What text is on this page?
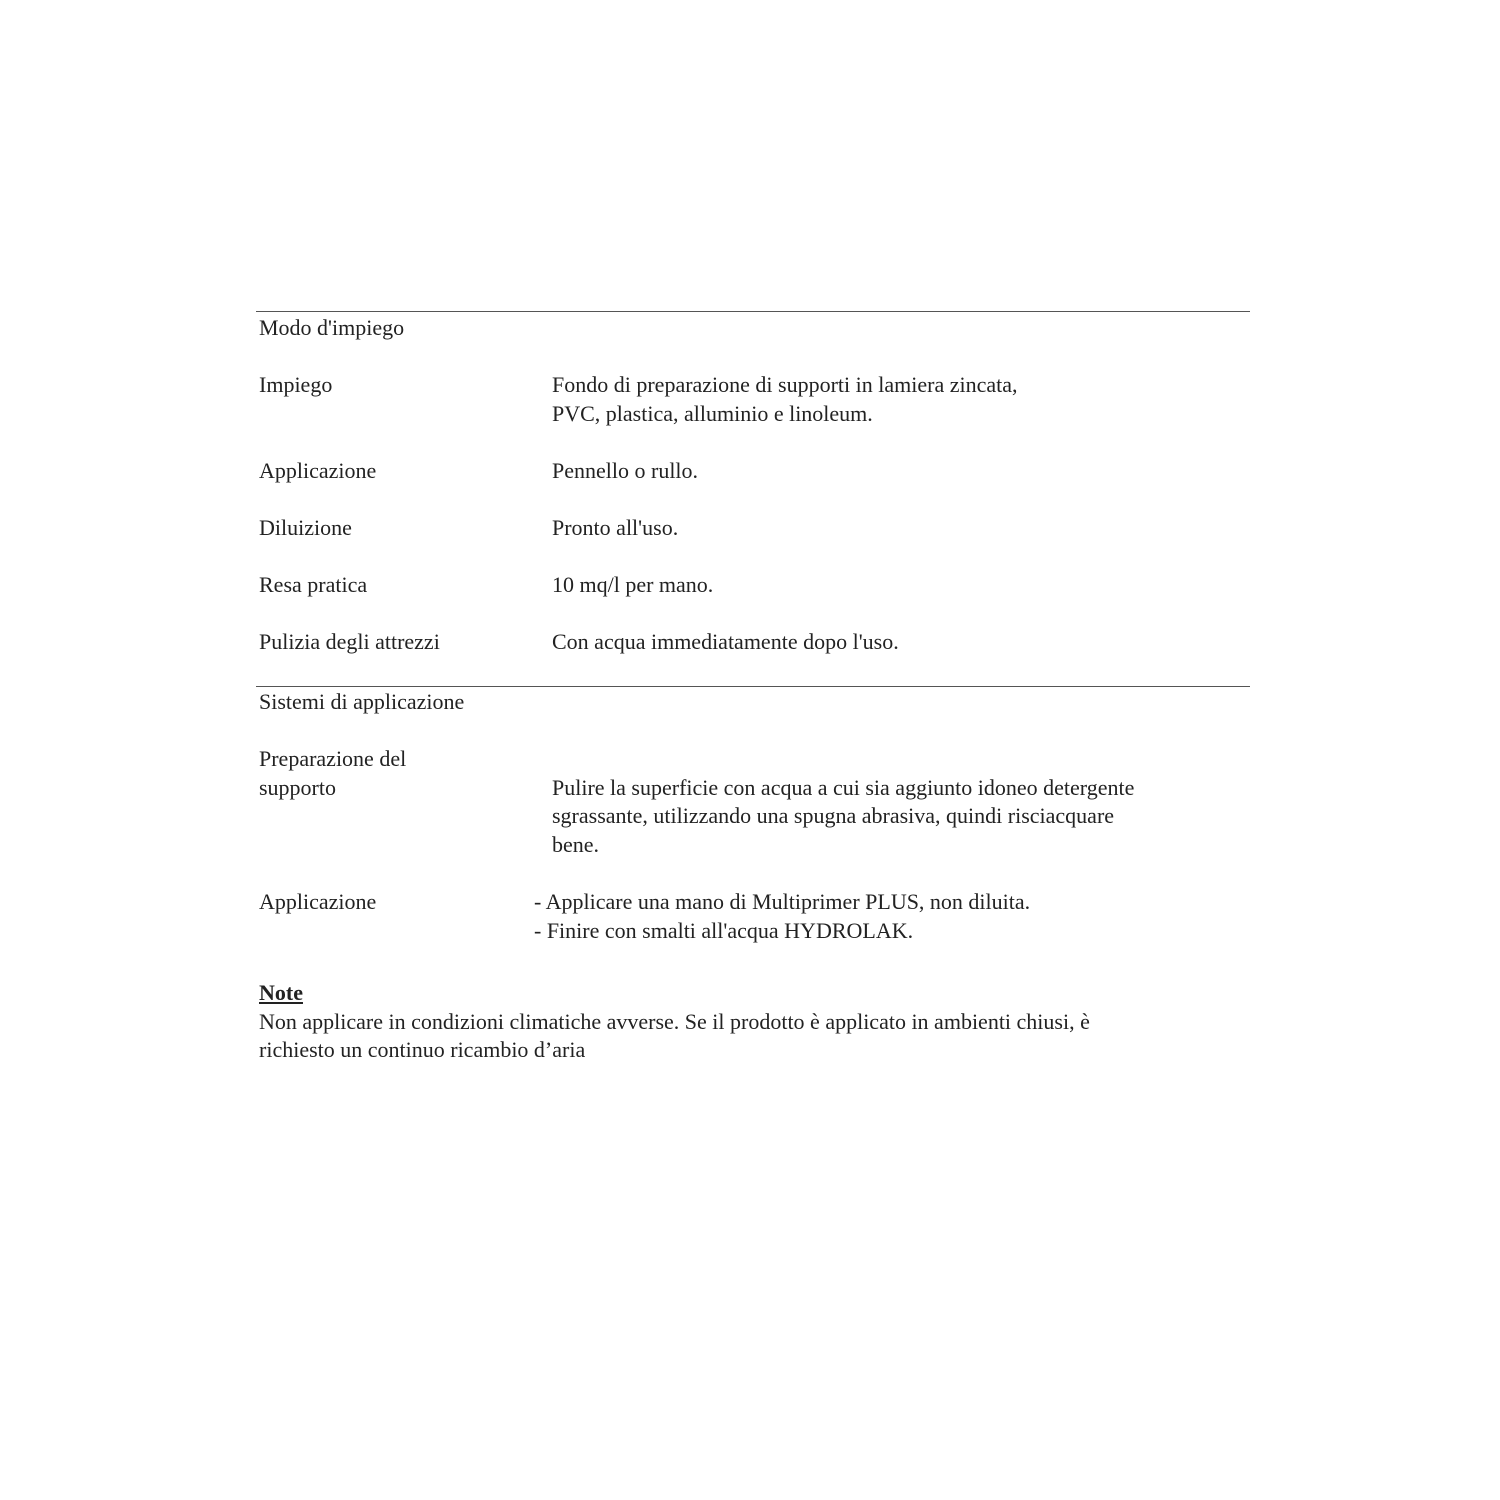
Modo d'impiego
Impiego	Fondo di preparazione di supporti in lamiera zincata,
PVC, plastica, alluminio e linoleum.
Applicazione	Pennello o rullo.
Diluizione	Pronto all'uso.
Resa pratica	10 mq/l per mano.
Pulizia degli attrezzi	Con acqua immediatamente dopo l'uso.
Sistemi di applicazione
Preparazione del
supporto	Pulire la superficie con acqua a cui sia aggiunto idoneo detergente
sgrassante, utilizzando una spugna abrasiva, quindi risciacquare
bene.
Applicazione	- Applicare una mano di Multiprimer PLUS, non diluita.
- Finire con smalti all'acqua HYDROLAK.
Note
Non applicare in condizioni climatiche avverse. Se il prodotto è applicato in ambienti chiusi, è
richiesto un continuo ricambio d’aria
